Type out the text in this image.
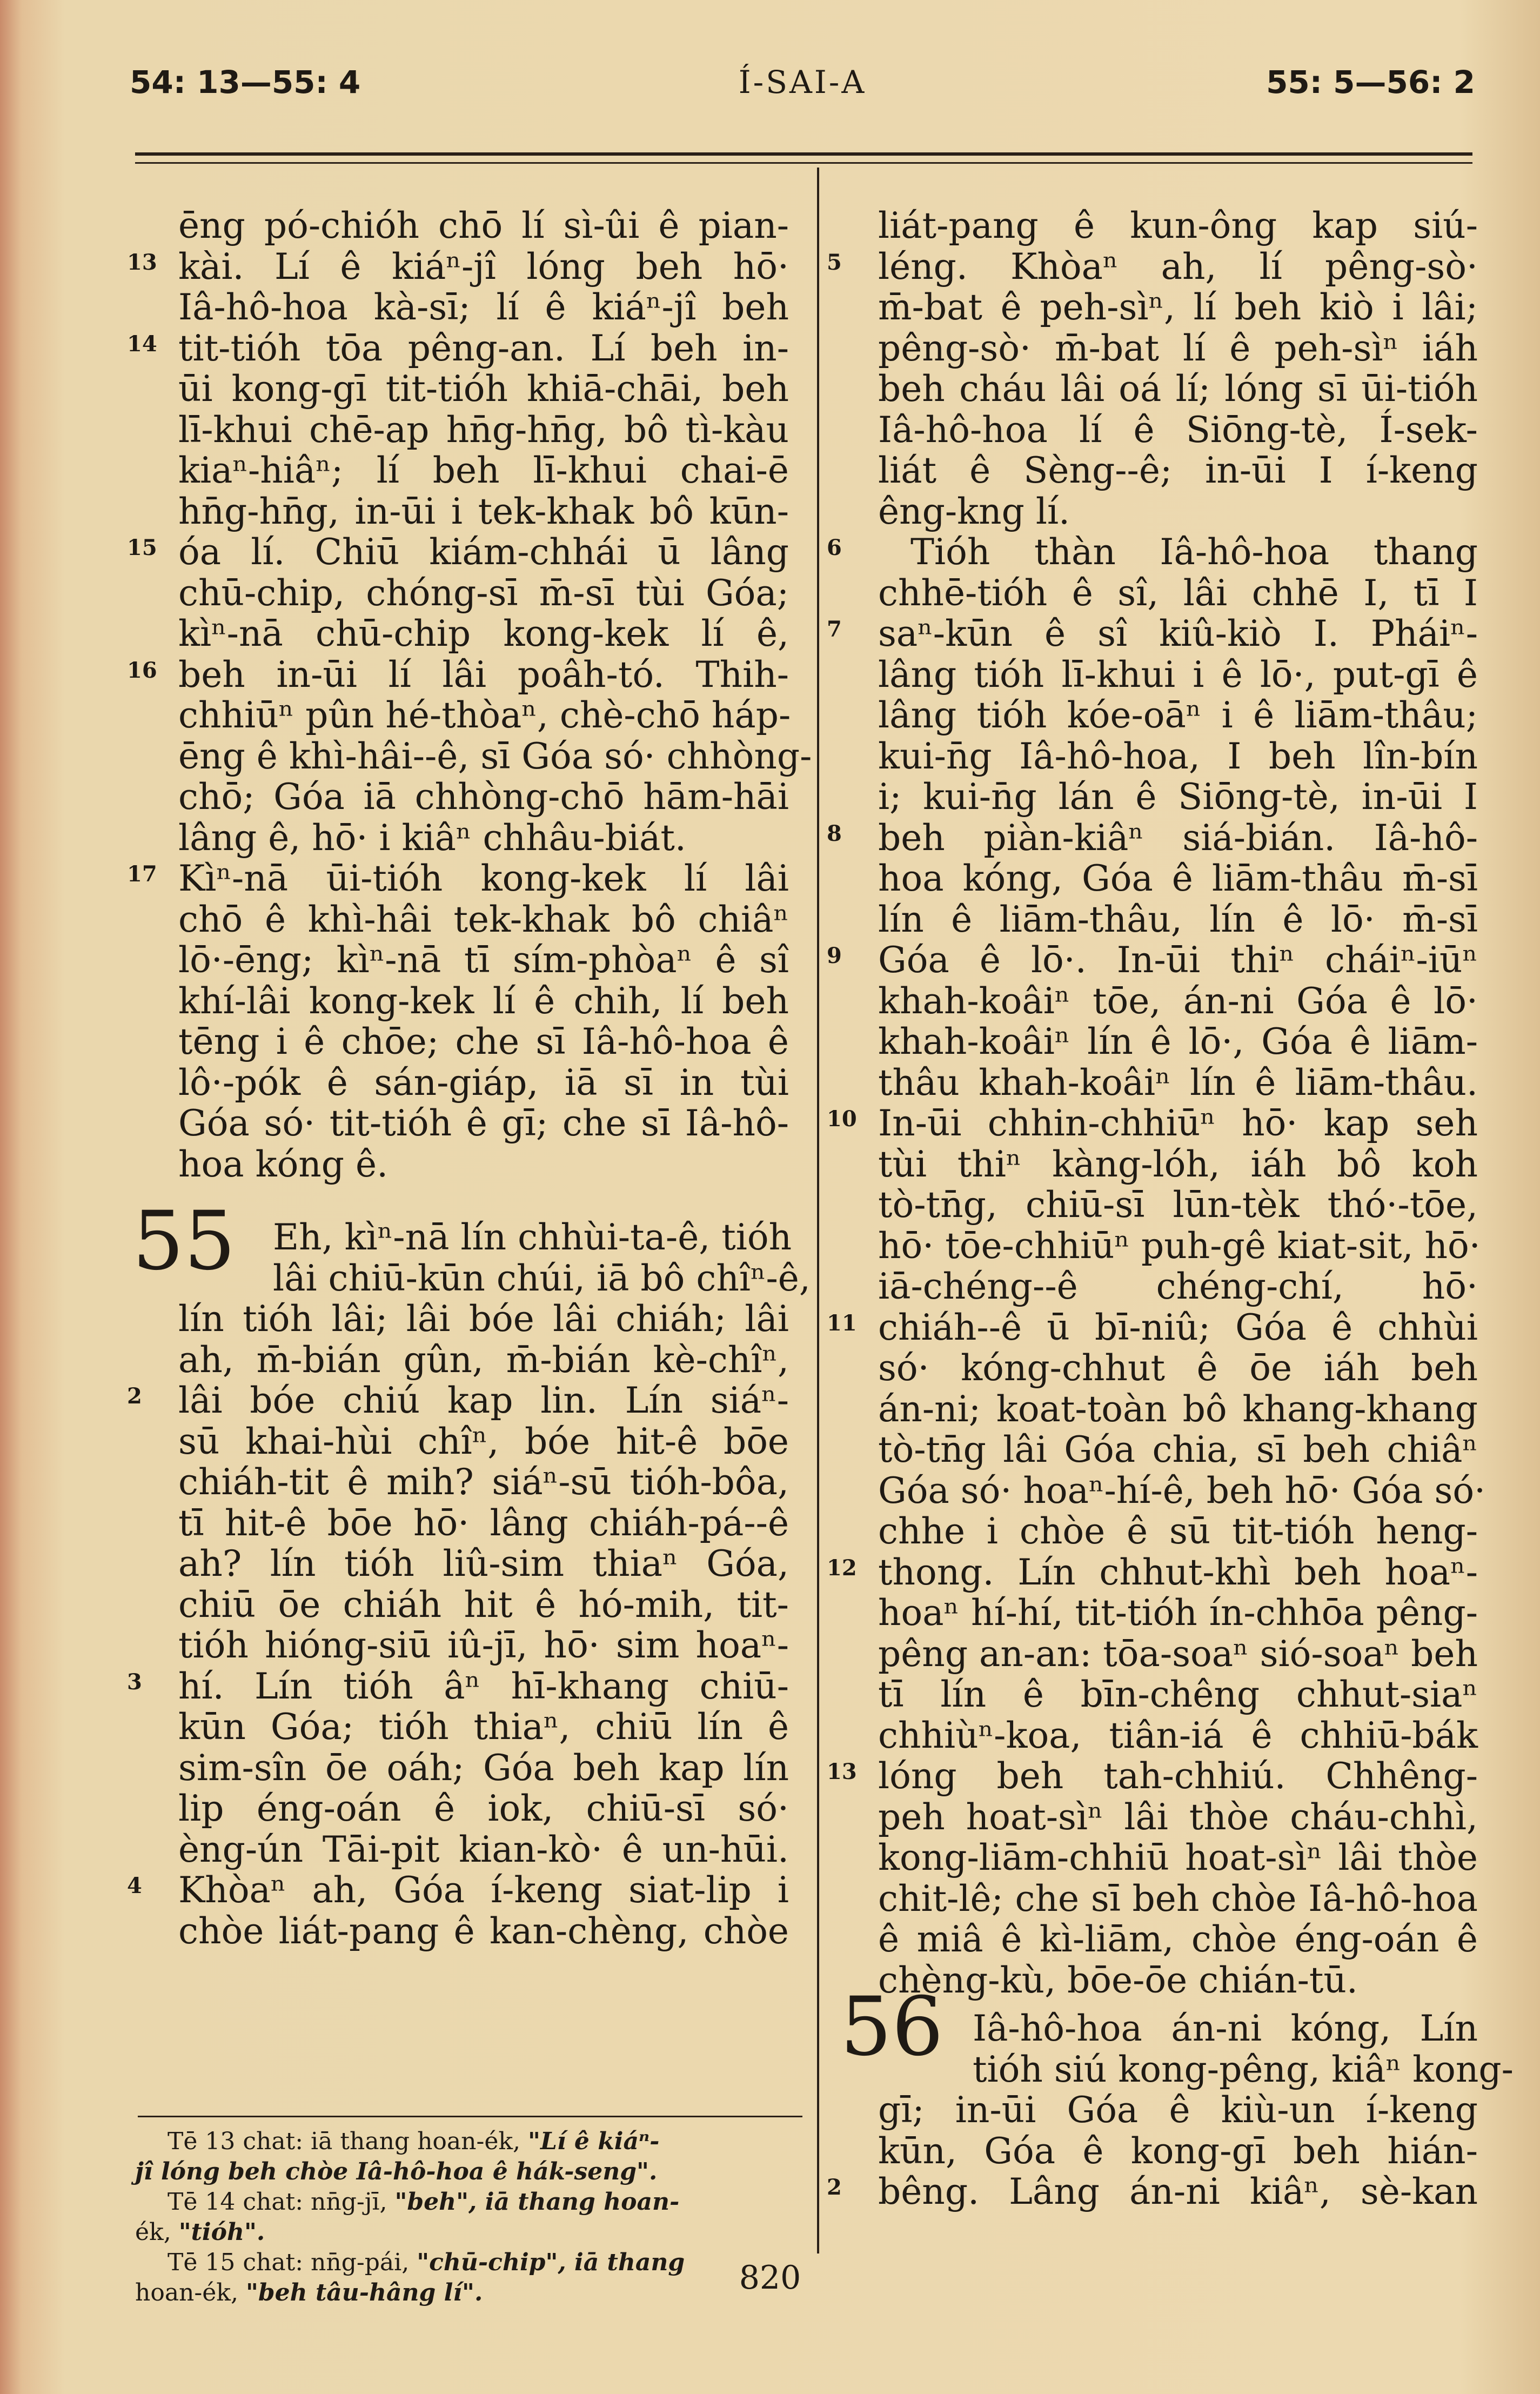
54: 13—55: 4	Í-SAI-A	55: 5—56: 2
ēng pó-chióh chō lí sì-ûi ê pian-
13 kài. Lí ê kiáⁿ-jî lóng beh hō·
Iâ-hô-hoa kà-sī; lí ê kiáⁿ-jî beh
14 tit-tióh tōa pêng-an. Lí beh in-
ūi kong-gī tit-tióh khiā-chāi, beh
lī-khui chē-ap hn̄g-hn̄g, bô tì-kàu
kiaⁿ-hiâⁿ; lí beh lī-khui chai-ē
hn̄g-hn̄g, in-ūi i tek-khak bô kūn-
15 óa lí. Chiū kiám-chhái ū lâng
chū-chip, chóng-sī m̄-sī tùi Góa;
kìⁿ-nā chū-chip kong-kek lí ê,
16 beh in-ūi lí lâi poâh-tó. Thih-
chhiūⁿ pûn hé-thòaⁿ, chè-chō háp-
ēng ê khì-hâi--ê, sī Góa só· chhòng-
chō; Góa iā chhòng-chō hām-hāi
lâng ê, hō· i kiâⁿ chhâu-biát.
17 Kìⁿ-nā ūi-tióh kong-kek lí lâi
chō ê khì-hâi tek-khak bô chiâⁿ
lō·-ēng; kìⁿ-nā tī sím-phòaⁿ ê sî
khí-lâi kong-kek lí ê chih, lí beh
tēng i ê chōe; che sī Iâ-hô-hoa ê
lô·-pók ê sán-giáp, iā sī in tùi
Góa só· tit-tióh ê gī; che sī Iâ-hô-
hoa kóng ê.
Eh, kìⁿ-nā lín chhùi-ta-ê, tióh
lâi chiū-kūn chúi, iā bô chîⁿ-ê,
lín tióh lâi; lâi bóe lâi chiáh; lâi
ah, m̄-bián gûn, m̄-bián kè-chîⁿ,
2	lâi bóe chiú kap lin. Lín siáⁿ-
sū khai-hùi chîⁿ, bóe hit-ê bōe
chiáh-tit ê mih? siáⁿ-sū tióh-bôa,
tī hit-ê bōe hō· lâng chiáh-pá--ê
ah? lín tióh liû-sim thiaⁿ Góa,
chiū ōe chiáh hit ê hó-mih, tit-
tióh hióng-siū iû-jī, hō· sim hoaⁿ-
3	hí. Lín tióh âⁿ hī-khang chiū-
kūn Góa; tióh thiaⁿ, chiū lín ê
sim-sîn ōe oáh; Góa beh kap lín
lip éng-oán ê iok, chiū-sī só·
èng-ún Tāi-pit kian-kò· ê un-hūi.
4	Khòaⁿ ah, Góa í-keng siat-lip i
chòe liát-pang ê kan-chèng, chòe
liát-pang ê kun-ông kap siú-
5	léng. Khòaⁿ ah, lí pêng-sò·
m̄-bat ê peh-sìⁿ, lí beh kiò i lâi;
pêng-sò· m̄-bat lí ê peh-sìⁿ iáh
beh cháu lâi oá lí; lóng sī ūi-tióh
Iâ-hô-hoa lí ê Siōng-tè, Í-sek-
liát ê Sèng--ê; in-ūi I í-keng
êng-kng lí.
6	Tióh thàn Iâ-hô-hoa thang
chhē-tióh ê sî, lâi chhē I, tī I
7	saⁿ-kūn ê sî kiû-kiò I. Pháiⁿ-
lâng tióh lī-khui i ê lō·, put-gī ê
lâng tióh kóe-oāⁿ i ê liām-thâu;
kui-n̄g Iâ-hô-hoa, I beh lîn-bín
i; kui-n̄g lán ê Siōng-tè, in-ūi I
8	beh piàn-kiâⁿ siá-bián. Iâ-hô-
hoa kóng, Góa ê liām-thâu m̄-sī
lín ê liām-thâu, lín ê lō· m̄-sī
9	Góa ê lō·. In-ūi thiⁿ cháiⁿ-iūⁿ
khah-koâiⁿ tōe, án-ni Góa ê lō·
khah-koâiⁿ lín ê lō·, Góa ê liām-
thâu khah-koâiⁿ lín ê liām-thâu.
10 In-ūi chhin-chhiūⁿ hō· kap seh
tùi thiⁿ kàng-lóh, iáh bô koh
tò-tn̄g, chiū-sī lūn-tèk thó·-tōe,
hō· tōe-chhiūⁿ puh-gê kiat-sit, hō·
iā-chéng--ê chéng-chí, hō·
11 chiáh--ê ū bī-niû; Góa ê chhùi
só· kóng-chhut ê ōe iáh beh
án-ni; koat-toàn bô khang-khang
tò-tn̄g lâi Góa chia, sī beh chiâⁿ
Góa só· hoaⁿ-hí-ê, beh hō· Góa só·
chhe i chòe ê sū tit-tióh heng-
12 thong. Lín chhut-khì beh hoaⁿ-
hoaⁿ hí-hí, tit-tióh ín-chhōa pêng-
pêng an-an: tōa-soaⁿ sió-soaⁿ beh
tī lín ê bīn-chêng chhut-siaⁿ
chhiùⁿ-koa, tiân-iá ê chhiū-bák
13 lóng beh tah-chhiú. Chhêng-
peh hoat-sìⁿ lâi thòe cháu-chhì,
kong-liām-chhiū hoat-sìⁿ lâi thòe
chit-lê; che sī beh chòe Iâ-hô-hoa
ê miâ ê kì-liām, chòe éng-oán ê
chèng-kù, bōe-ōe chián-tū.
Iâ-hô-hoa án-ni kóng, Lín
tióh siú kong-pêng, kiâⁿ kong-
gī; in-ūi Góa ê kiù-un í-keng
kūn, Góa ê kong-gī beh hián-
2	bêng. Lâng án-ni kiâⁿ, sè-kan
55
56
820
Tē 13 chat: iā thang hoan-ék, "Lí ê kiáⁿ-
jî lóng beh chòe Iâ-hô-hoa ê hák-seng".
Tē 14 chat: nn̄g-jī, "beh", iā thang hoan-
ék, "tióh".
Tē 15 chat: nn̄g-pái, "chū-chip", iā thang
hoan-ék, "beh tâu-hâng lí".
